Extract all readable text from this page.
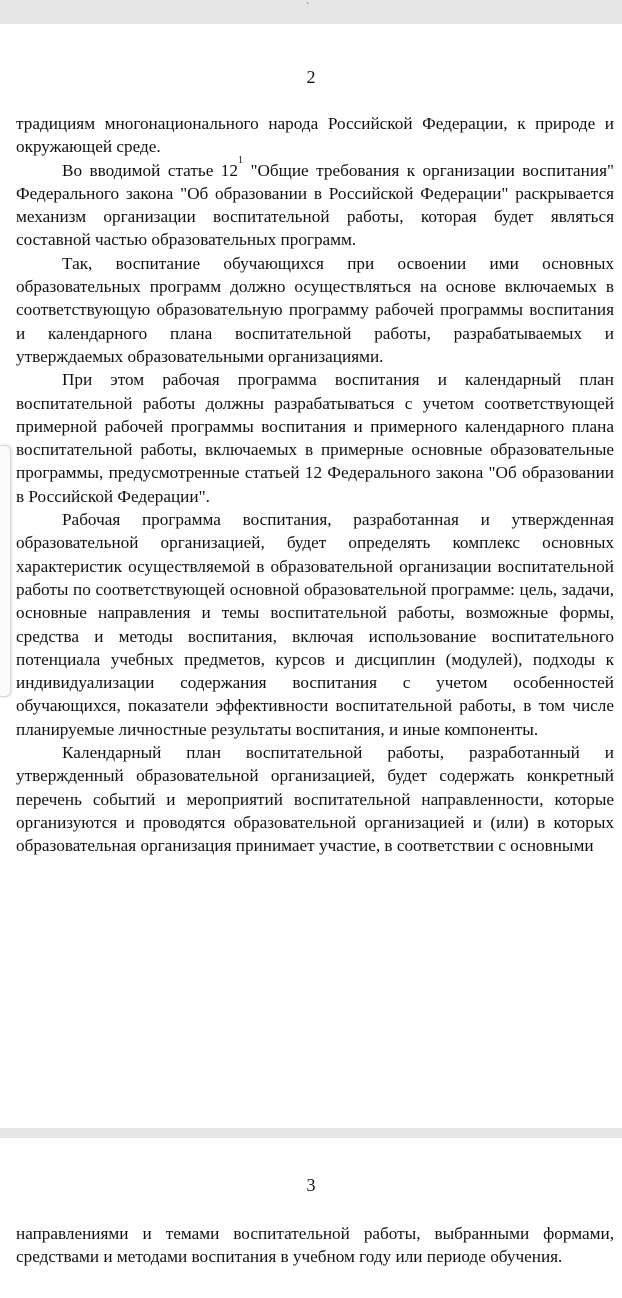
`
2

традициям многонационального народа Российской Федерации, к природе и окружающей среде.

Во вводимой статье $12^1$ "Общие требования к организации воспитания" Федерального закона "Об образовании в Российской Федерации" раскрывается механизм организации воспитательной работы, которая будет являться составной частью образовательных программ.

Так, воспитание обучающихся при освоении ими основных образовательных программ должно осуществляться на основе включаемых в соответствующую образовательную программу рабочей программы воспитания и календарного плана воспитательной работы, разрабатываемых и утверждаемых образовательными организациями.

При этом рабочая программа воспитания и календарный план воспитательной работы должны разрабатываться с учетом соответствующей примерной рабочей программы воспитания и примерного календарного плана воспитательной работы, включаемых в примерные основные образовательные программы, предусмотренные статьей 12 Федерального закона "Об образовании в Российской Федерации".

Рабочая программа воспитания, разработанная и утвержденная образовательной организацией, будет определять комплекс основных характеристик осуществляемой в образовательной организации воспитательной работы по соответствующей основной образовательной программе: цель, задачи, основные направления и темы воспитательной работы, возможные формы, средства и методы воспитания, включая использование воспитательного потенциала учебных предметов, курсов и дисциплин (модулей), подходы к индивидуализации содержания воспитания с учетом особенностей обучающихся, показатели эффективности воспитательной работы, в том числе планируемые личностные результаты воспитания, и иные компоненты.

Календарный план воспитательной работы, разработанный и утвержденный образовательной организацией, будет содержать конкретный перечень событий и мероприятий воспитательной направленности, которые организуются и проводятся образовательной организацией и (или) в которых образовательная организация принимает участие, в соответствии с основными

3

направлениями и темами воспитательной работы, выбранными формами, средствами и методами воспитания в учебном году или периоде обучения.
